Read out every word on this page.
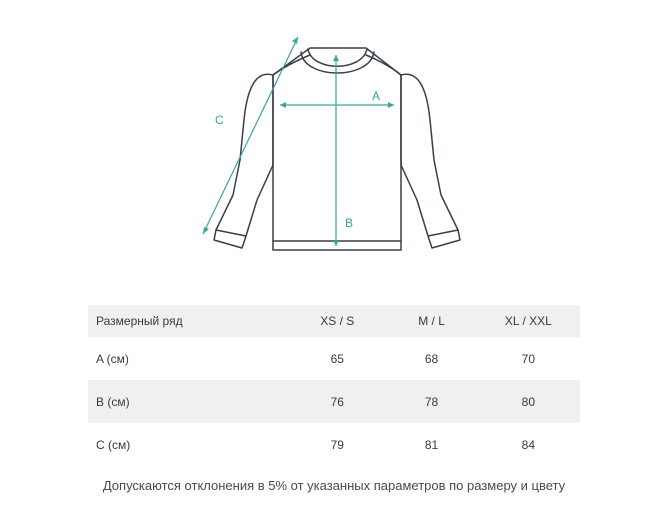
A
B
C
Размерный ряд	XS / S	M / L	XL / XXL
A (см)	65	68	70
B (см)	76	78	80
C (см)	79	81	84
Допускаются отклонения в 5% от указанных параметров по размеру и цвету
